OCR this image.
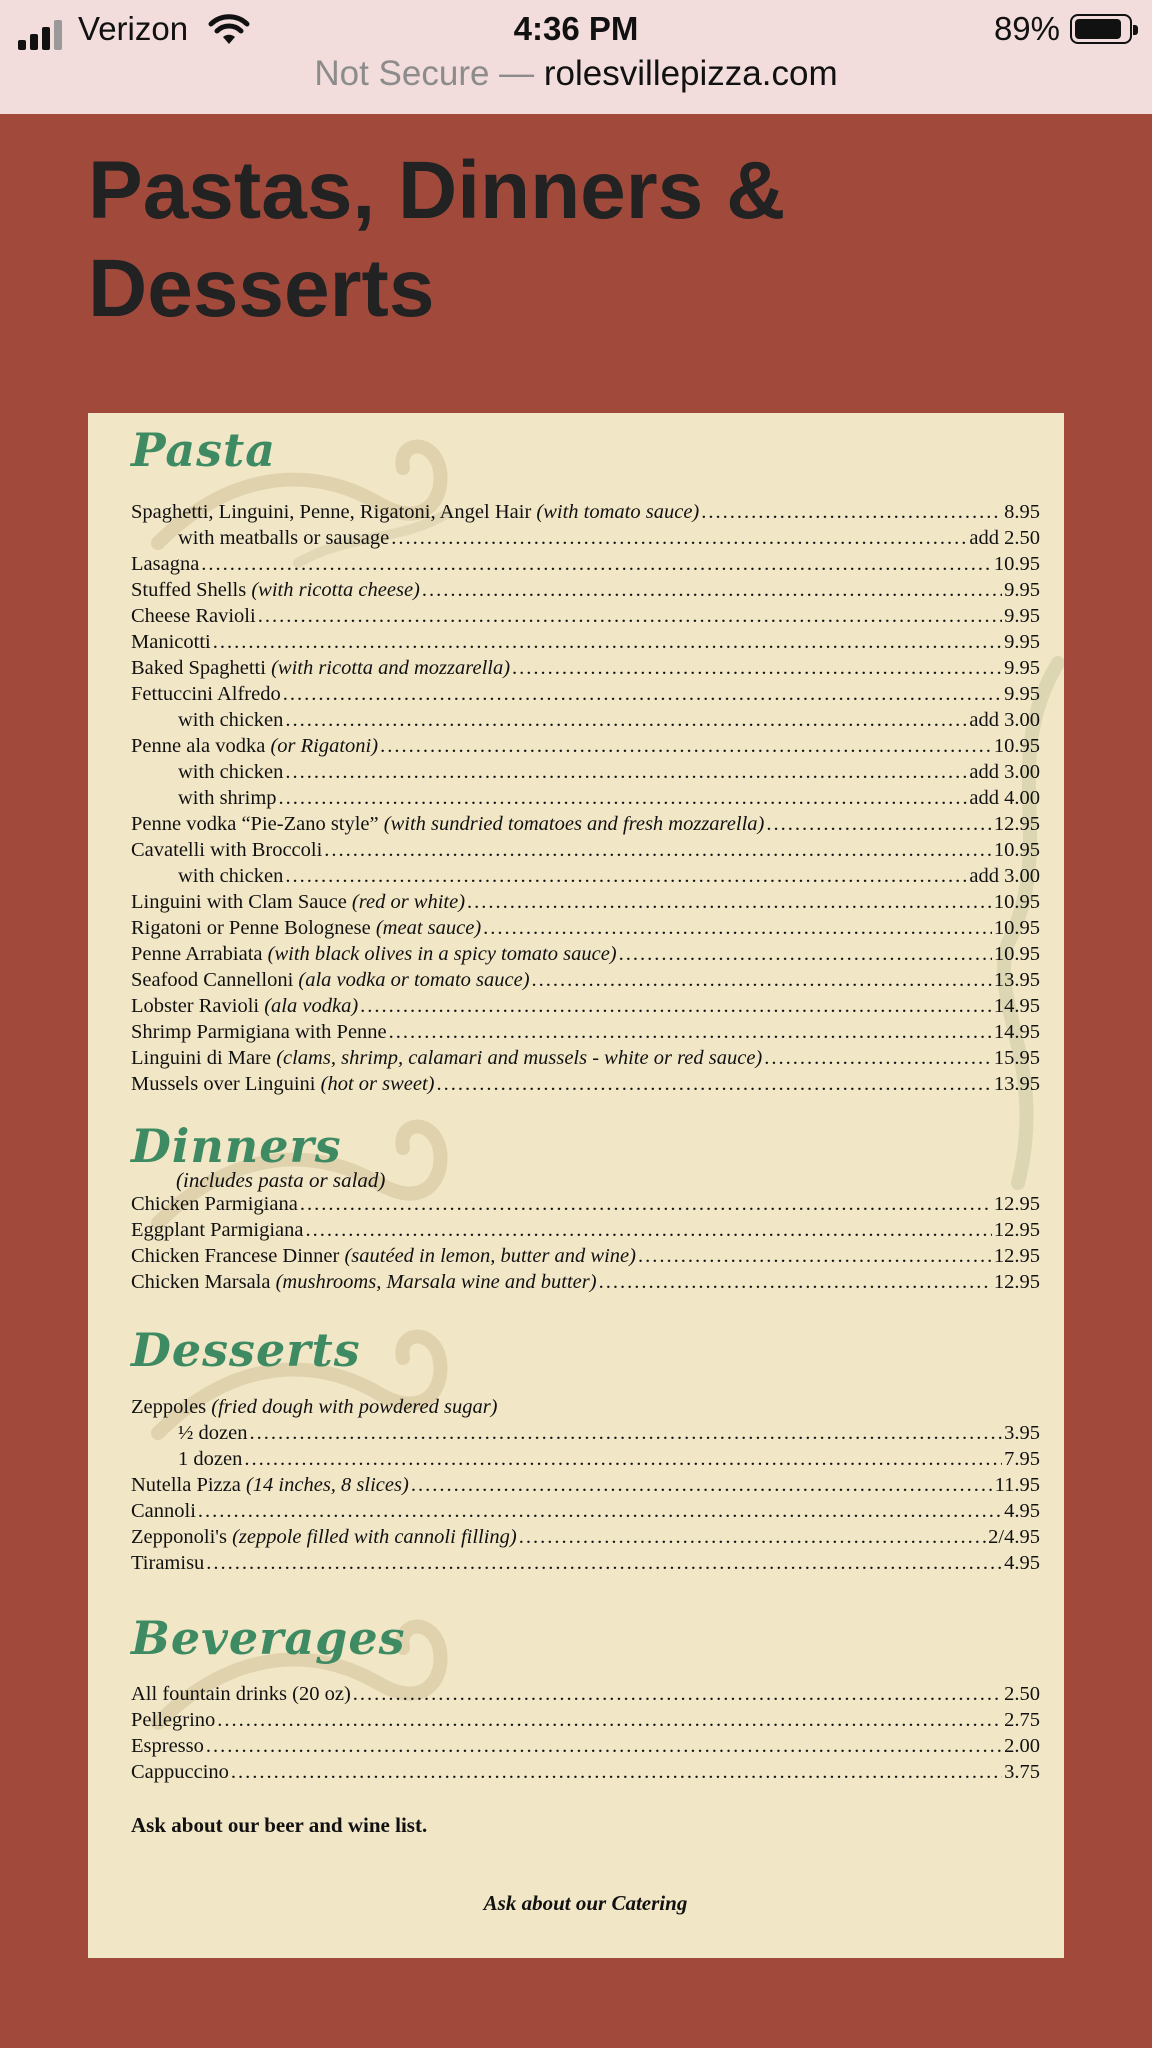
Verizon	4:36 PM	89%
Not Secure — rolesvillepizza.com
Pastas, Dinners & Desserts
Pasta
Spaghetti, Linguini, Penne, Rigatoni, Angel Hair (with tomato sauce) .....	8.95
with meatballs or sausage .....	add 2.50
Lasagna .....	10.95
Stuffed Shells (with ricotta cheese) .....	9.95
Cheese Ravioli .....	9.95
Manicotti .....	9.95
Baked Spaghetti (with ricotta and mozzarella) .....	9.95
Fettuccini Alfredo .....	9.95
with chicken .....	add 3.00
Penne ala vodka (or Rigatoni) .....	10.95
with chicken .....	add 3.00
with shrimp .....	add 4.00
Penne vodka “Pie-Zano style” (with sundried tomatoes and fresh mozzarella) .....	12.95
Cavatelli with Broccoli .....	10.95
with chicken .....	add 3.00
Linguini with Clam Sauce (red or white) .....	10.95
Rigatoni or Penne Bolognese (meat sauce) .....	10.95
Penne Arrabiata (with black olives in a spicy tomato sauce) .....	10.95
Seafood Cannelloni (ala vodka or tomato sauce) .....	13.95
Lobster Ravioli (ala vodka) .....	14.95
Shrimp Parmigiana with Penne .....	14.95
Linguini di Mare (clams, shrimp, calamari and mussels - white or red sauce) .....	15.95
Mussels over Linguini (hot or sweet) .....	13.95
Dinners
(includes pasta or salad)
Chicken Parmigiana .....	12.95
Eggplant Parmigiana .....	12.95
Chicken Francese Dinner (sautéed in lemon, butter and wine) .....	12.95
Chicken Marsala (mushrooms, Marsala wine and butter) .....	12.95
Desserts
Zeppoles (fried dough with powdered sugar)
½ dozen .....	3.95
1 dozen .....	7.95
Nutella Pizza (14 inches, 8 slices) .....	11.95
Cannoli .....	4.95
Zepponoli's (zeppole filled with cannoli filling) .....	2/4.95
Tiramisu .....	4.95
Beverages
All fountain drinks (20 oz) .....	2.50
Pellegrino .....	2.75
Espresso .....	2.00
Cappuccino .....	3.75
Ask about our beer and wine list.
Ask about our Catering
